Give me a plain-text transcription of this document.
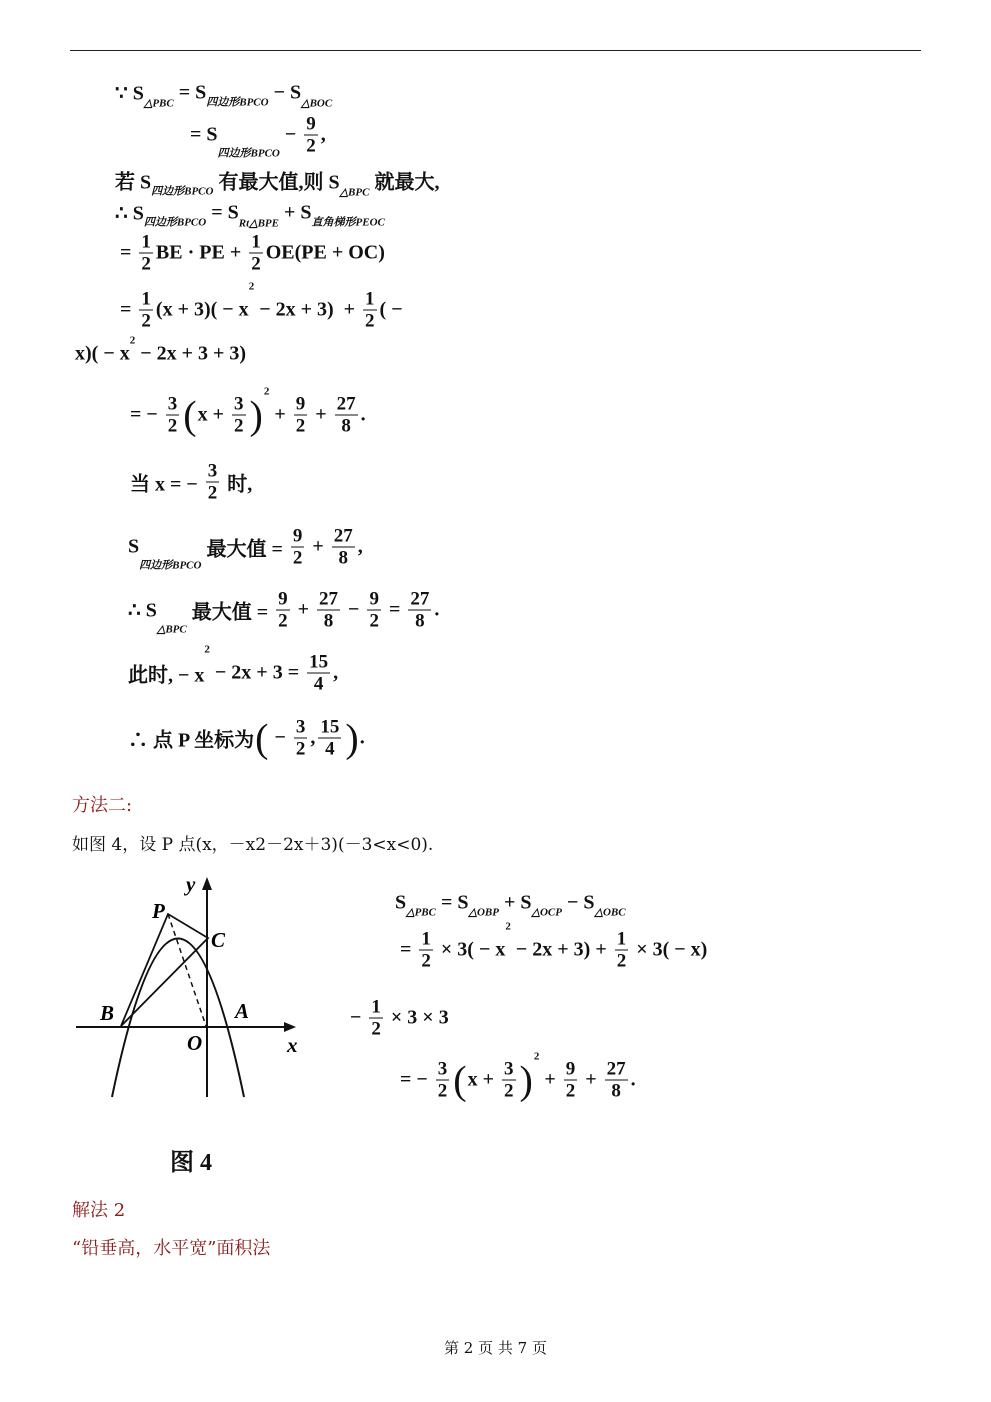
∵ S △PBC = S 四边形BPCO − S △BOC
= S
四边形BPCO
− $\frac{9}{2}$ ,
若 S 四边形BPCO 有最大值,则 S △BPC 就最大,
∴ S 四边形BPCO = S Rt△BPE + S 直角梯形PEOC
= $\frac{1}{2}$ BE · PE + $\frac{1}{2} OE(PE + OC)$
= $\frac{1}{2} (x + 3)( - x$
2
− $2x + 3) + \frac{1}{2}$ ( −
x)( − x
2
− 2x + 3 + 3)
= − $\frac{3}{2}$ ( $x + \frac{3}{2}$ )
2
+ $\frac{9}{2} + \frac{27}{8}$ .
当 x = − $\frac{3}{2}$ 时,
S
四边形BPCO
最大值 = $\frac{9}{2} + \frac{27}{8}$ ,
∴ S
△BPC
最大值 = $\frac{9}{2} + \frac{27}{8} - \frac{9}{2} = \frac{27}{8}$ .
此时, − x
2
− $2x + 3 = \frac{15}{4}$ ,
∴ 点 P 坐标为 ( − $\frac{3}{2}$ , $\frac{15}{4}$ ) .
S △PBC = S △OBP + S △OCP − S △OBC
= $\frac{1}{2} \times 3( - x$
2
− $2x + 3) + \frac{1}{2} \times 3( - x)$
− $\frac{1}{2} \times 3 \times 3$
= − $\frac{3}{2}$ ( $x + \frac{3}{2}$ )
2
+ $\frac{9}{2} + \frac{27}{8}$ .
方法二:
如图 4，设 P 点(x，－x2－2x＋3)(－3<x<0).
y
x
P
C
B	A
O
图 4
解法 2
“铅垂高，水平宽”面积法
第 2 页 共 7 页
